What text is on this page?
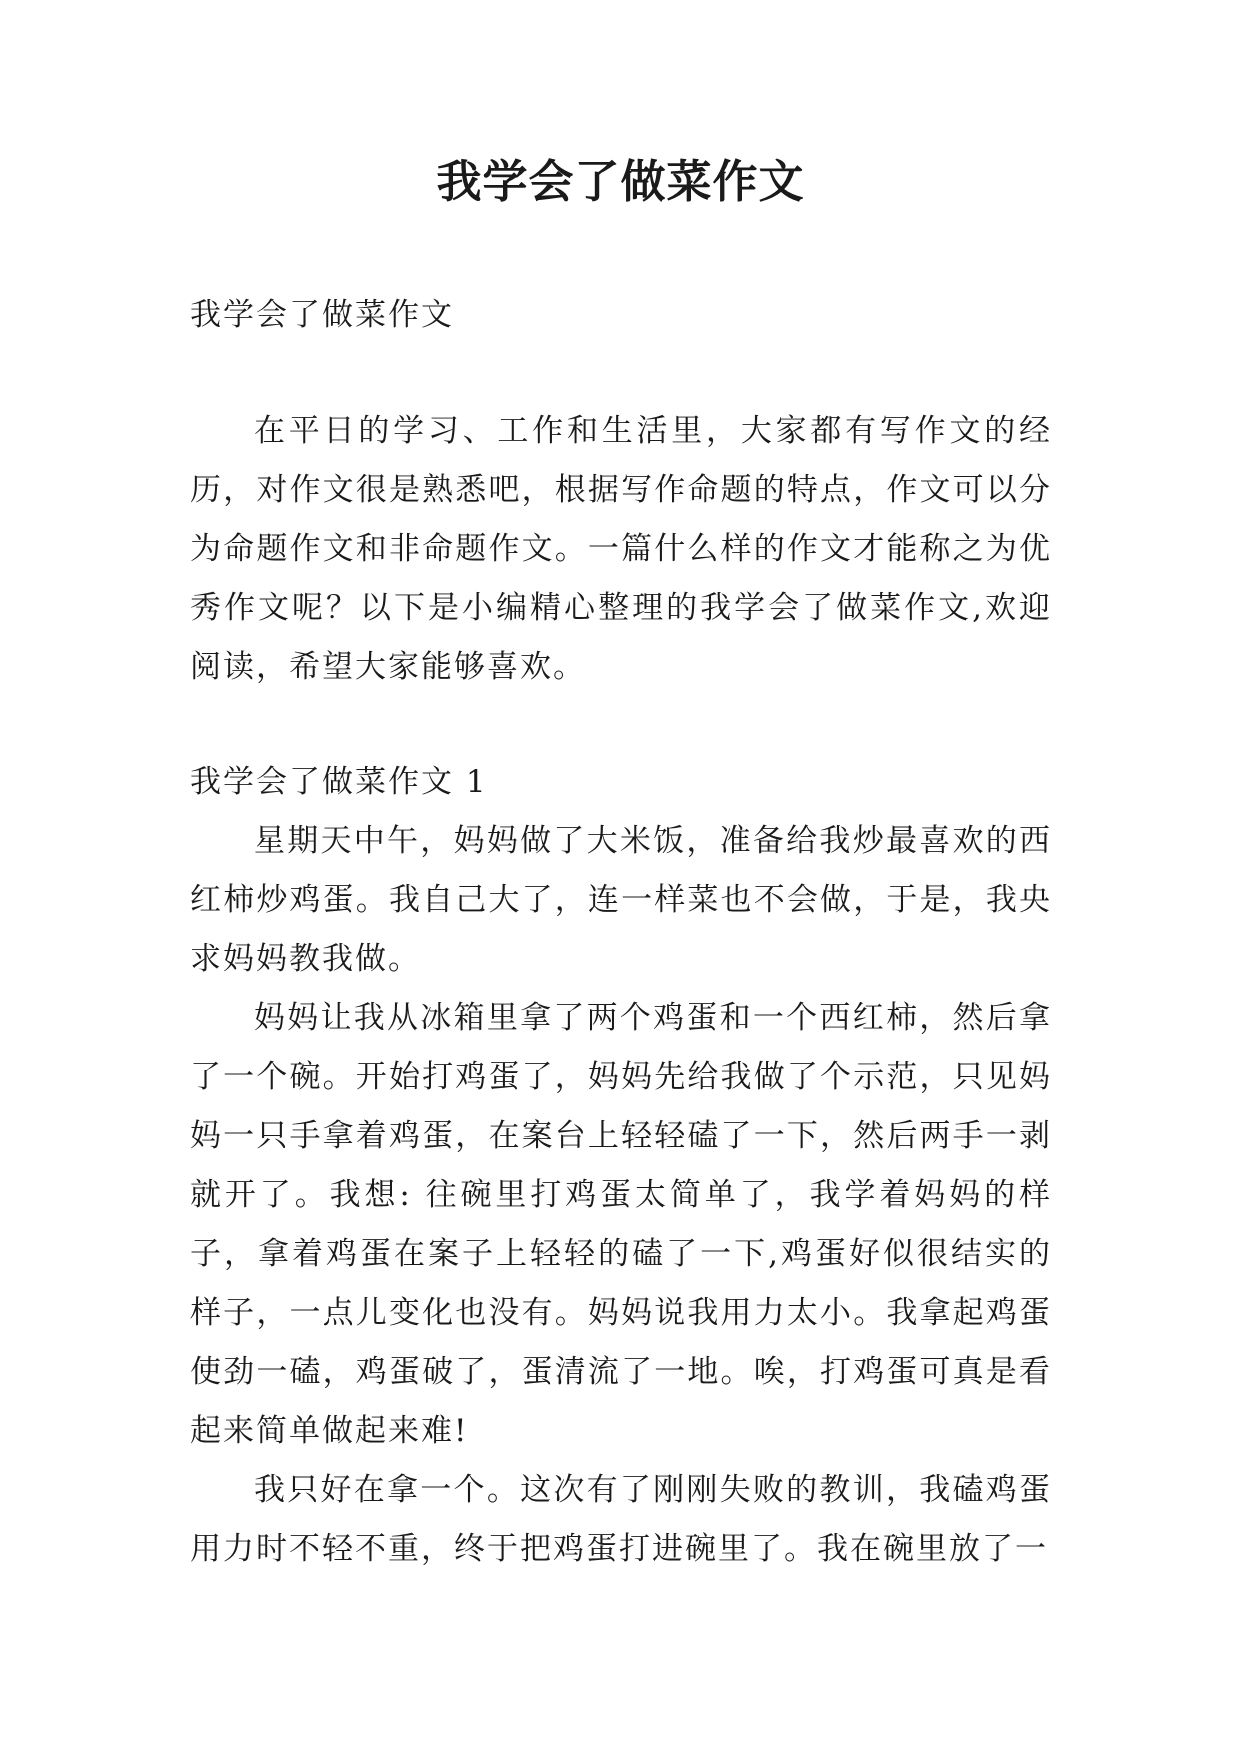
我学会了做菜作文

我学会了做菜作文

在平日的学习、工作和生活里，大家都有写作文的经历，对作文很是熟悉吧，根据写作命题的特点，作文可以分为命题作文和非命题作文。一篇什么样的作文才能称之为优秀作文呢？以下是小编精心整理的我学会了做菜作文,欢迎阅读，希望大家能够喜欢。

我学会了做菜作文 1

星期天中午，妈妈做了大米饭，准备给我炒最喜欢的西红柿炒鸡蛋。我自己大了，连一样菜也不会做，于是，我央求妈妈教我做。

妈妈让我从冰箱里拿了两个鸡蛋和一个西红柿，然后拿了一个碗。开始打鸡蛋了，妈妈先给我做了个示范，只见妈妈一只手拿着鸡蛋，在案台上轻轻磕了一下，然后两手一剥就开了。我想: 往碗里打鸡蛋太简单了，我学着妈妈的样子，拿着鸡蛋在案子上轻轻的磕了一下,鸡蛋好似很结实的样子，一点儿变化也没有。妈妈说我用力太小。我拿起鸡蛋使劲一磕，鸡蛋破了，蛋清流了一地。唉，打鸡蛋可真是看起来简单做起来难!

我只好在拿一个。这次有了刚刚失败的教训，我磕鸡蛋用力时不轻不重，终于把鸡蛋打进碗里了。我在碗里放了一
